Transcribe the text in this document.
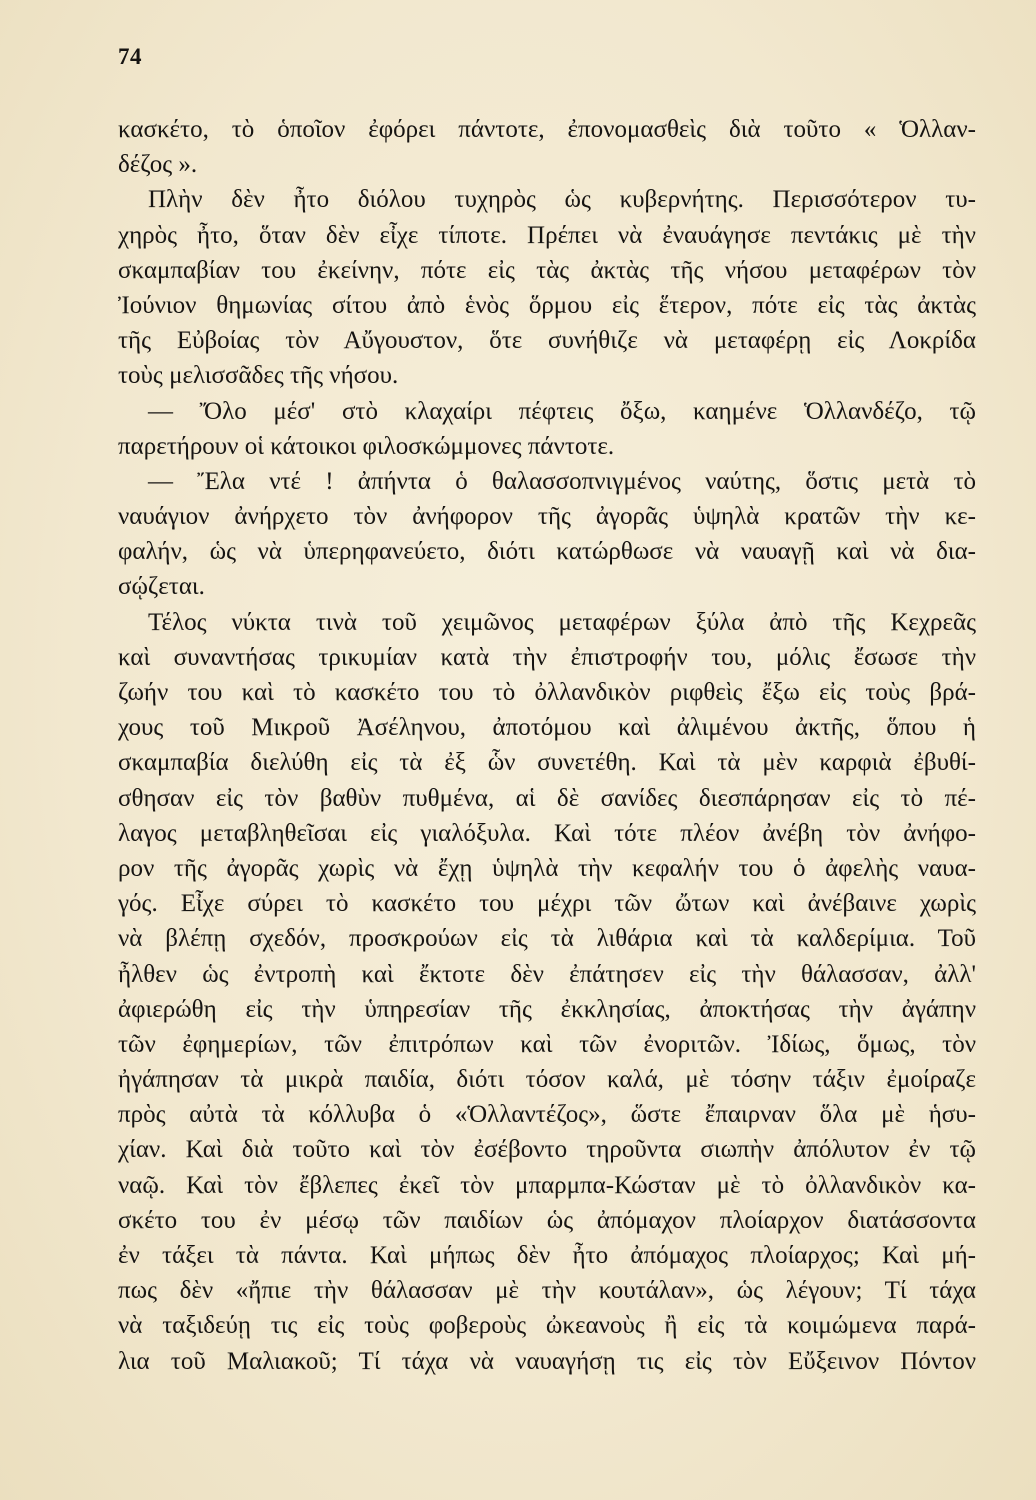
74
κασκέτο, τὸ ὁποῖον ἐφόρει πάντοτε, ἐπονομασθεὶς διὰ τοῦτο « Ὁλλαν-
δέζος ».
Πλὴν δὲν ἦτο διόλου τυχηρὸς ὡς κυβερνήτης. Περισσότερον τυ-
χηρὸς ἦτο, ὅταν δὲν εἶχε τίποτε. Πρέπει νὰ ἐναυάγησε πεντάκις μὲ τὴν
σκαμπαβίαν του ἐκείνην, πότε εἰς τὰς ἀκτὰς τῆς νήσου μεταφέρων τὸν
Ἰούνιον θημωνίας σίτου ἀπὸ ἑνὸς ὅρμου εἰς ἕτερον, πότε εἰς τὰς ἀκτὰς
τῆς Εὐβοίας τὸν Αὔγουστον, ὅτε συνήθιζε νὰ μεταφέρῃ εἰς Λοκρίδα
τοὺς μελισσᾶδες τῆς νήσου.
— Ὄλο μέσ' στὸ κλαχαίρι πέφτεις ὄξω, καημένε Ὁλλανδέζο, τῷ
παρετήρουν οἱ κάτοικοι φιλοσκώμμονες πάντοτε.
— Ἔλα ντέ ! ἀπήντα ὁ θαλασσοπνιγμένος ναύτης, ὅστις μετὰ τὸ
ναυάγιον ἀνήρχετο τὸν ἀνήφορον τῆς ἀγορᾶς ὑψηλὰ κρατῶν τὴν κε-
φαλήν, ὡς νὰ ὑπερηφανεύετο, διότι κατώρθωσε νὰ ναυαγῇ καὶ νὰ δια-
σῴζεται.
Τέλος νύκτα τινὰ τοῦ χειμῶνος μεταφέρων ξύλα ἀπὸ τῆς Κεχρεᾶς
καὶ συναντήσας τρικυμίαν κατὰ τὴν ἐπιστροφήν του, μόλις ἔσωσε τὴν
ζωήν του καὶ τὸ κασκέτο του τὸ ὀλλανδικὸν ριφθεὶς ἔξω εἰς τοὺς βρά-
χους τοῦ Μικροῦ Ἀσέληνου, ἀποτόμου καὶ ἀλιμένου ἀκτῆς, ὅπου ἡ
σκαμπαβία διελύθη εἰς τὰ ἐξ ὧν συνετέθη. Καὶ τὰ μὲν καρφιὰ ἐβυθί-
σθησαν εἰς τὸν βαθὺν πυθμένα, αἱ δὲ σανίδες διεσπάρησαν εἰς τὸ πέ-
λαγος μεταβληθεῖσαι εἰς γιαλόξυλα. Καὶ τότε πλέον ἀνέβη τὸν ἀνήφο-
ρον τῆς ἀγορᾶς χωρὶς νὰ ἔχῃ ὑψηλὰ τὴν κεφαλήν του ὁ ἀφελὴς ναυα-
γός. Εἶχε σύρει τὸ κασκέτο του μέχρι τῶν ὤτων καὶ ἀνέβαινε χωρὶς
νὰ βλέπῃ σχεδόν, προσκρούων εἰς τὰ λιθάρια καὶ τὰ καλδερίμια. Τοῦ
ἦλθεν ὡς ἐντροπὴ καὶ ἔκτοτε δὲν ἐπάτησεν εἰς τὴν θάλασσαν, ἀλλ'
ἀφιερώθη εἰς τὴν ὑπηρεσίαν τῆς ἐκκλησίας, ἀποκτήσας τὴν ἀγάπην
τῶν ἐφημερίων, τῶν ἐπιτρόπων καὶ τῶν ἐνοριτῶν. Ἰδίως, ὅμως, τὸν
ἠγάπησαν τὰ μικρὰ παιδία, διότι τόσον καλά, μὲ τόσην τάξιν ἐμοίραζε
πρὸς αὐτὰ τὰ κόλλυβα ὁ «Ὁλλαντέζος», ὥστε ἔπαιρναν ὅλα μὲ ἡσυ-
χίαν. Καὶ διὰ τοῦτο καὶ τὸν ἐσέβοντο τηροῦντα σιωπὴν ἀπόλυτον ἐν τῷ
ναῷ. Καὶ τὸν ἔβλεπες ἐκεῖ τὸν μπαρμπα-Κώσταν μὲ τὸ ὀλλανδικὸν κα-
σκέτο του ἐν μέσῳ τῶν παιδίων ὡς ἀπόμαχον πλοίαρχον διατάσσοντα
ἐν τάξει τὰ πάντα. Καὶ μήπως δὲν ἦτο ἀπόμαχος πλοίαρχος; Καὶ μή-
πως δὲν «ἤπιε τὴν θάλασσαν μὲ τὴν κουτάλαν», ὡς λέγουν; Τί τάχα
νὰ ταξιδεύῃ τις εἰς τοὺς φοβεροὺς ὠκεανοὺς ἢ εἰς τὰ κοιμώμενα παρά-
λια τοῦ Μαλιακοῦ; Τί τάχα νὰ ναυαγήσῃ τις εἰς τὸν Εὔξεινον Πόντον
